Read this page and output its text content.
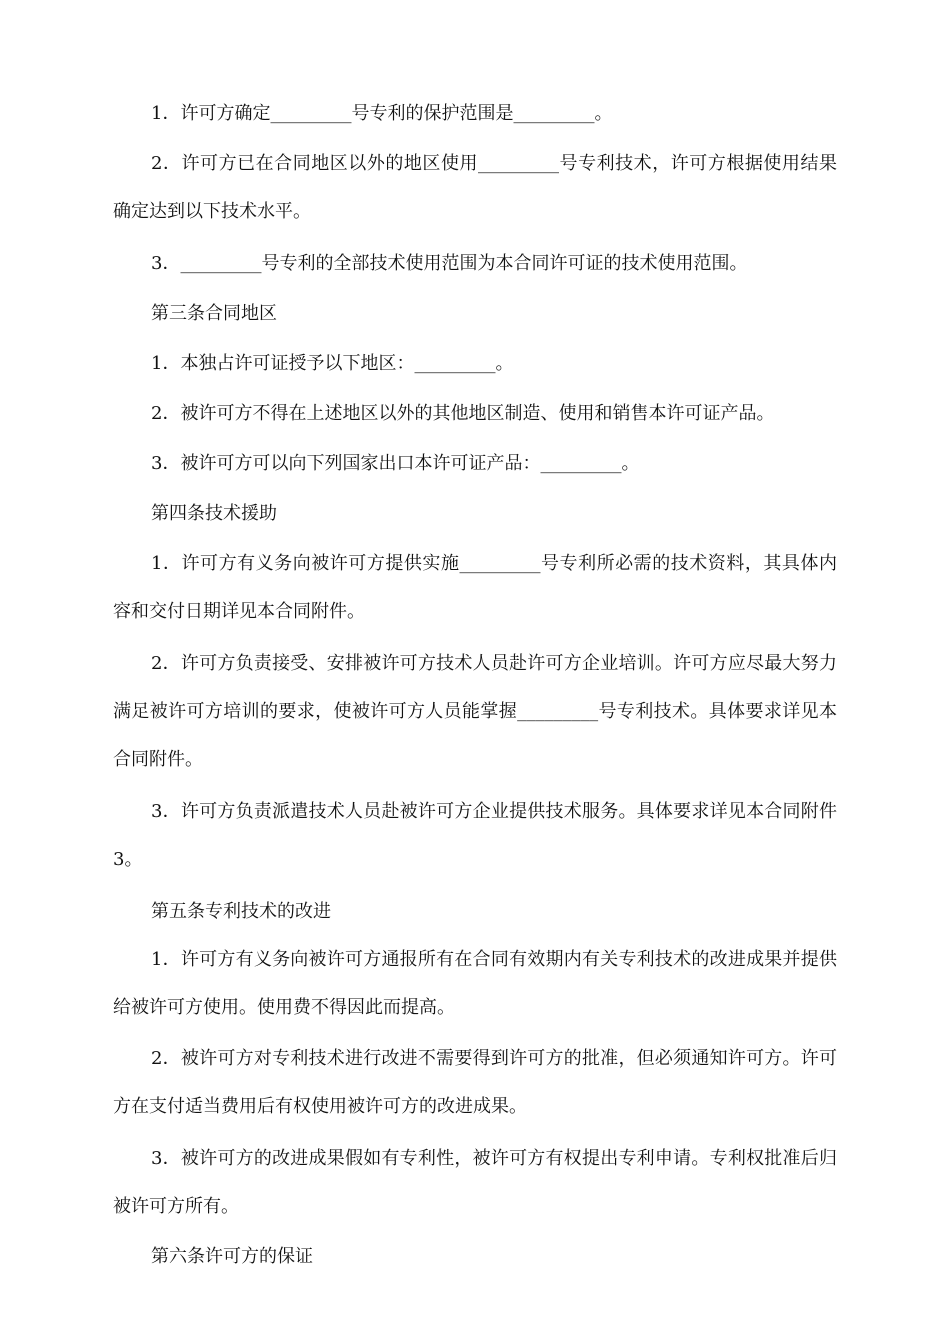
1．许可方确定_________号专利的保护范围是_________。

2．许可方已在合同地区以外的地区使用_________号专利技术，许可方根据使用结果确定达到以下技术水平。

3．_________号专利的全部技术使用范围为本合同许可证的技术使用范围。

第三条合同地区

1．本独占许可证授予以下地区：_________。

2．被许可方不得在上述地区以外的其他地区制造、使用和销售本许可证产品。

3．被许可方可以向下列国家出口本许可证产品：_________。

第四条技术援助

1．许可方有义务向被许可方提供实施_________号专利所必需的技术资料，其具体内容和交付日期详见本合同附件。

2．许可方负责接受、安排被许可方技术人员赴许可方企业培训。许可方应尽最大努力满足被许可方培训的要求，使被许可方人员能掌握_________号专利技术。具体要求详见本合同附件。

3．许可方负责派遣技术人员赴被许可方企业提供技术服务。具体要求详见本合同附件3。

第五条专利技术的改进

1．许可方有义务向被许可方通报所有在合同有效期内有关专利技术的改进成果并提供给被许可方使用。使用费不得因此而提高。

2．被许可方对专利技术进行改进不需要得到许可方的批准，但必须通知许可方。许可方在支付适当费用后有权使用被许可方的改进成果。

3．被许可方的改进成果假如有专利性，被许可方有权提出专利申请。专利权批准后归被许可方所有。

第六条许可方的保证
